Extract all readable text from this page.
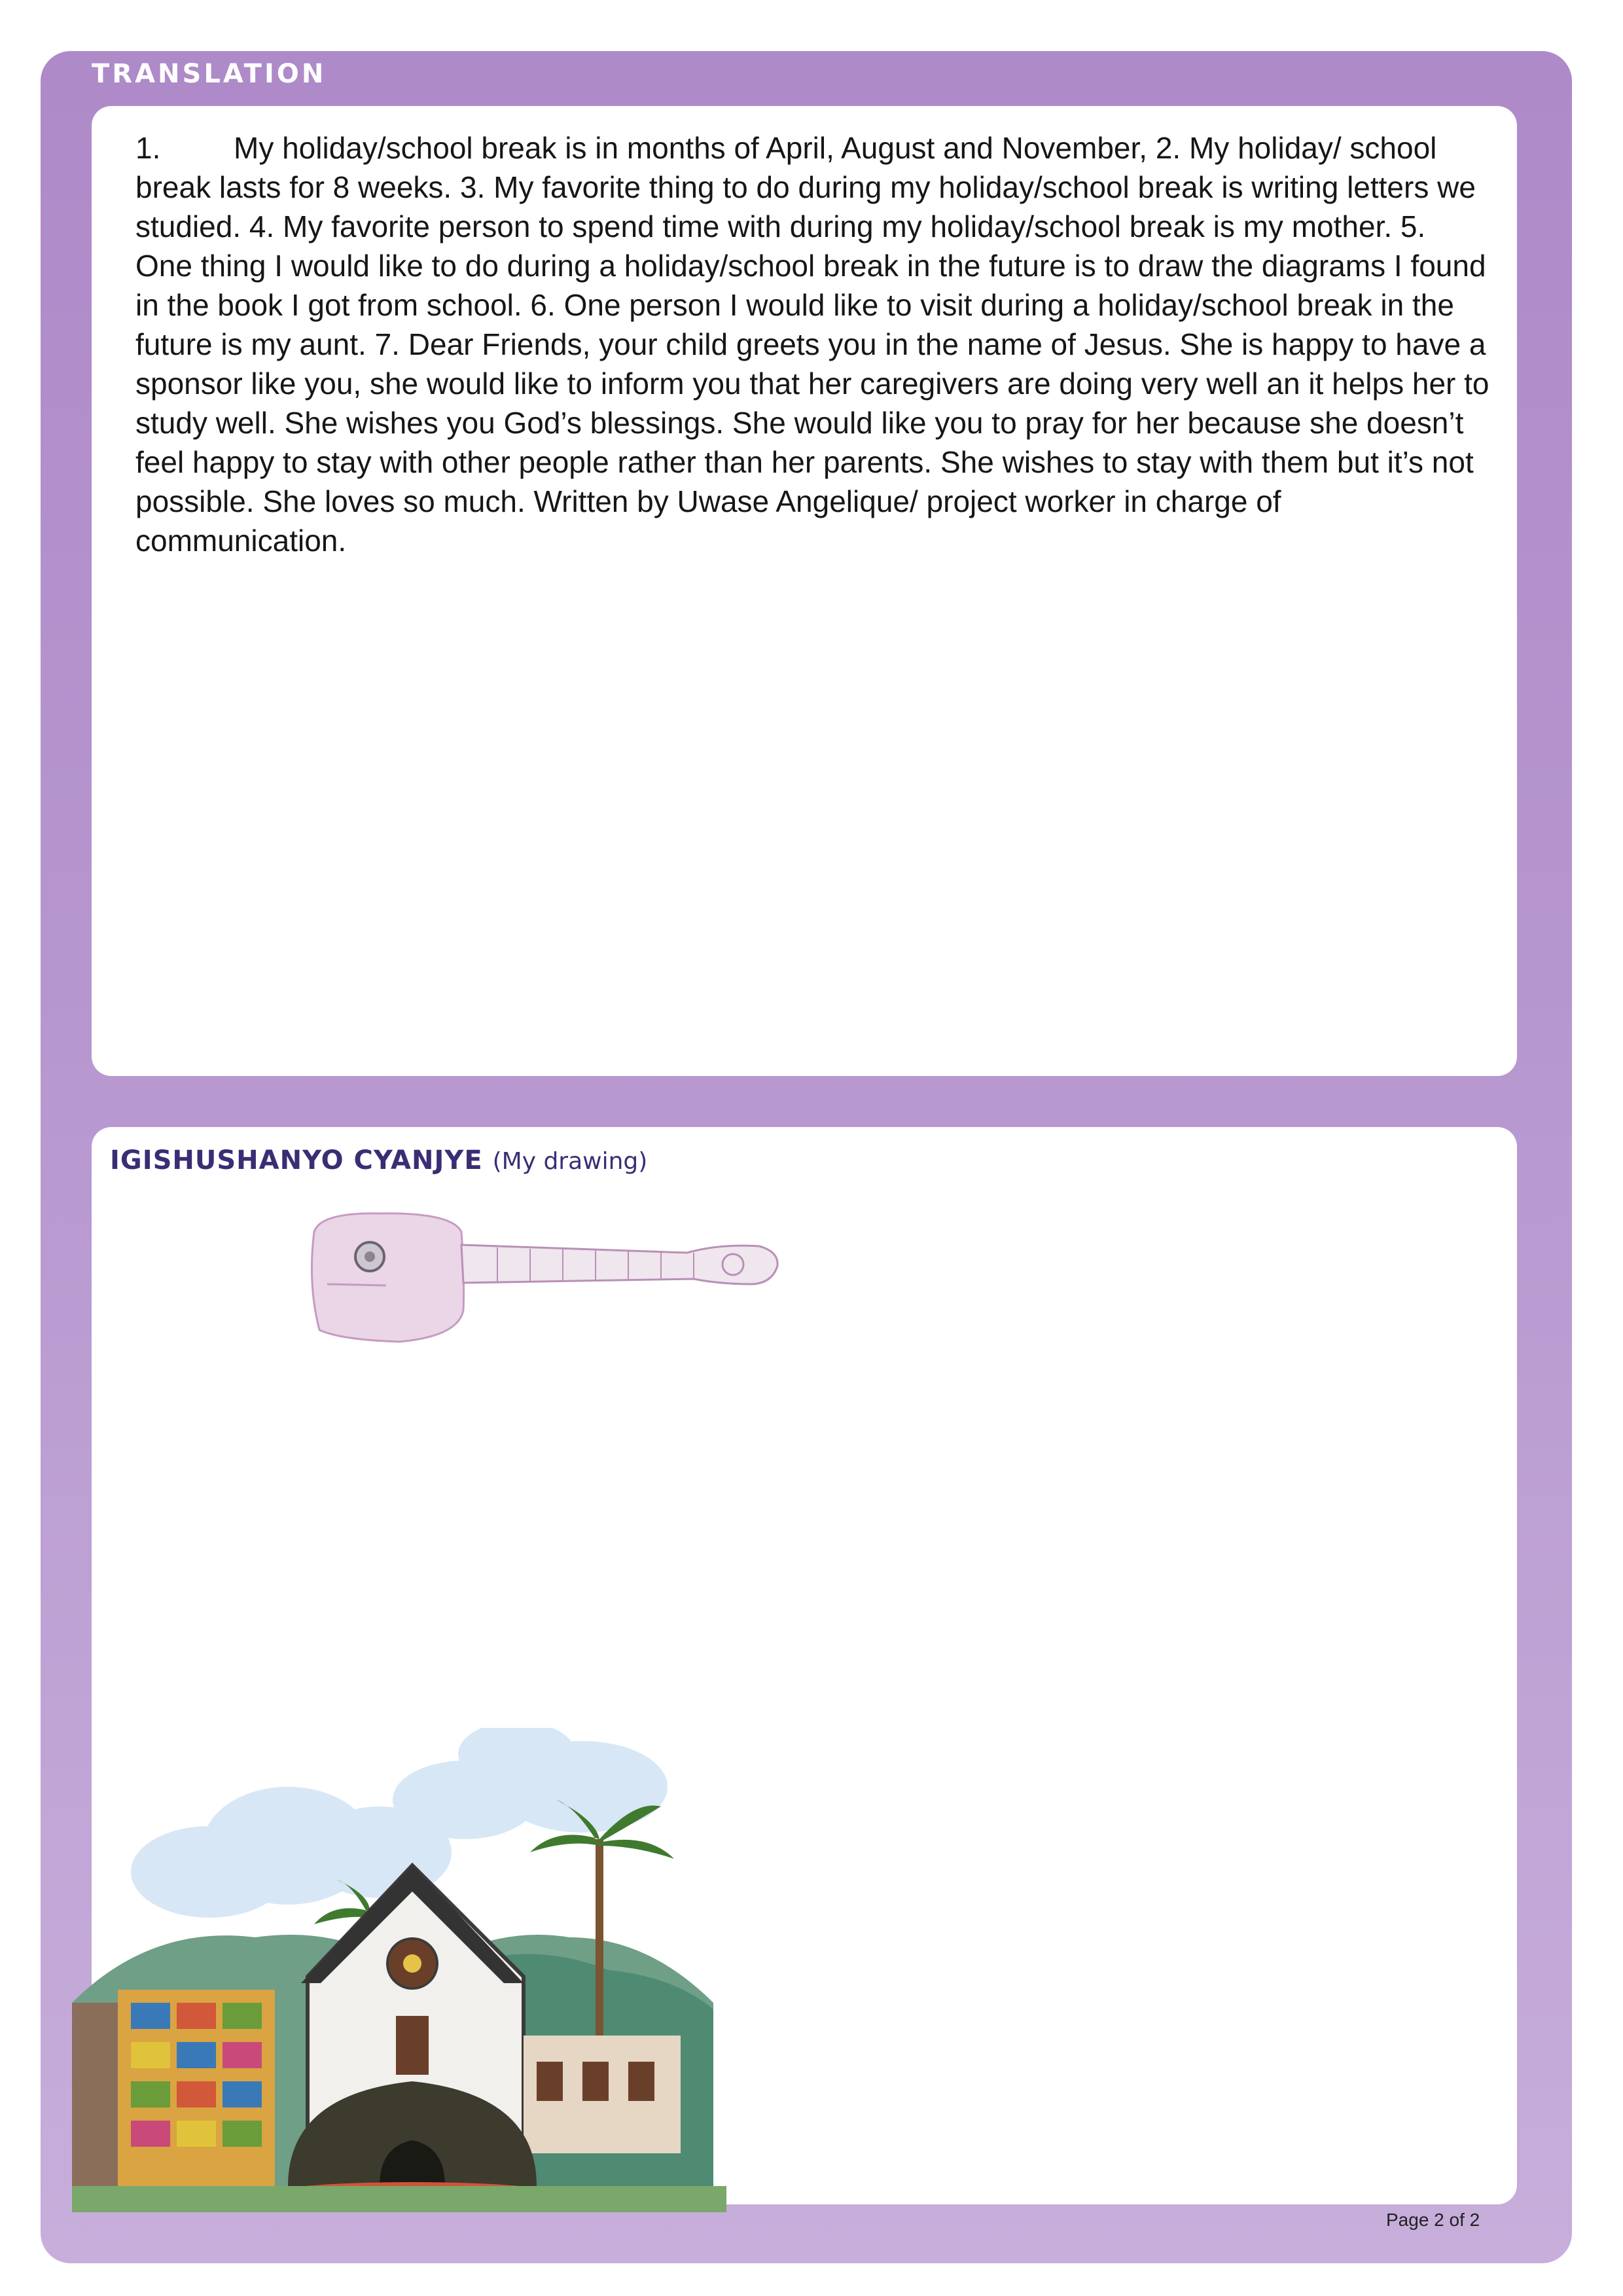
TRANSLATION

1. My holiday/school break is in months of April, August and November, 2. My holiday/ school break lasts for 8 weeks. 3. My favorite thing to do during my holiday/school break is writing letters we studied. 4. My favorite person to spend time with during my holiday/school break is my mother. 5. One thing I would like to do during a holiday/school break in the future is to draw the diagrams I found in the book I got from school. 6. One person I would like to visit during a holiday/school break in the future is my aunt. 7. Dear Friends, your child greets you in the name of Jesus. She is happy to have a sponsor like you, she would like to inform you that her caregivers are doing very well an it helps her to study well. She wishes you God’s blessings. She would like you to pray for her because she doesn’t feel happy to stay with other people rather than her parents. She wishes to stay with them but it’s not possible. She loves so much. Written by Uwase Angelique/ project worker in charge of communication.

IGISHUSHANYO CYANJYE (My drawing)
Page 2 of 2
